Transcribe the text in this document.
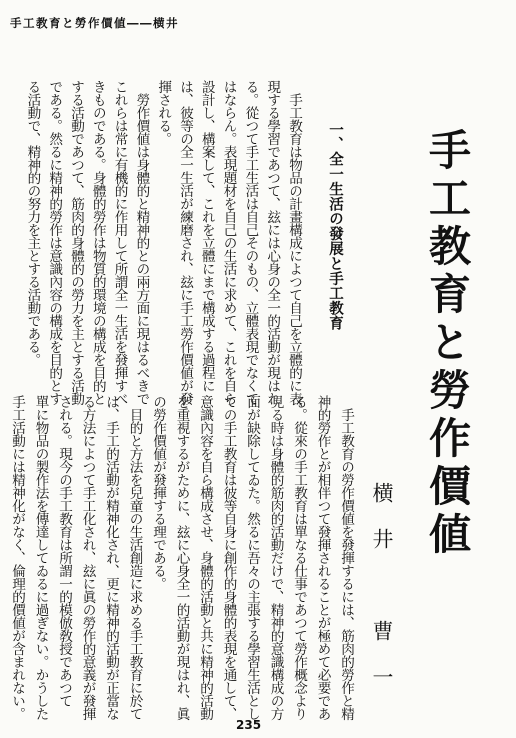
手工教育と勞作價値――横井
手工教育と勞作價値
横井　曹一
　手工教育の勞作價値を發揮するには、筋肉的勞作と精
神的勞作とが相伴つて發揮されることが極めて必要であ
る。從來の手工教育は單なる仕事であつて勞作概念より
見る時は身體的筋肉的活動だけで、精神的意識構成の方
面が缺除してゐた。然るに吾々の主張する學習生活とし
ての手工教育は彼等自身に創作的身體的表現を通して、
意識內容を自ら構成させ、身體的活動と共に精神的活動
を重視するがために、玆に心身全一的活動が現はれ、眞
の勞作價値が發揮する理である。
　目的と方法を兒童の生活創造に求める手工教育に於て
は、手工的活動が精神化され、更に精神的活動が正當な
る方法によつて手工化され、玆に眞の勞作的意義が發揮
される。現今の手工教育は所謂一的模倣敎授であつて
單に物品の製作法を傳達してゐるに過ぎない。かうした
手工活動には精神化がなく、倫理的價値が含まれない。
一、全一生活の發展と手工教育
　手工教育は物品の計畫構成によつて自己を立體的に表
現する學習であつて、玆には心身の全一的活動が現はれ
る。從つて手工生活は自己そのもの、立體表現でなくて
はならん。表現題材を自己の生活に求めて、これを自ら
設計し、構案して、これを立體にまで構成する過程に
は、彼等の全一生活が練磨され、玆に手工勞作價値が發
揮される。
　勞作價値は身體的と精神的との兩方面に現はるべきで
これらは常に有機的に作用して所謂全一生活を發揮すべ
きものである。身體的勞作は物質的環境の構成を目的と
する活動であつて、筋肉的身體的の勞力を主とする活動
である。然るに精神的勞作は意識內容の構成を目的とす
る活動で、精神的の努力を主とする活動である。
235
